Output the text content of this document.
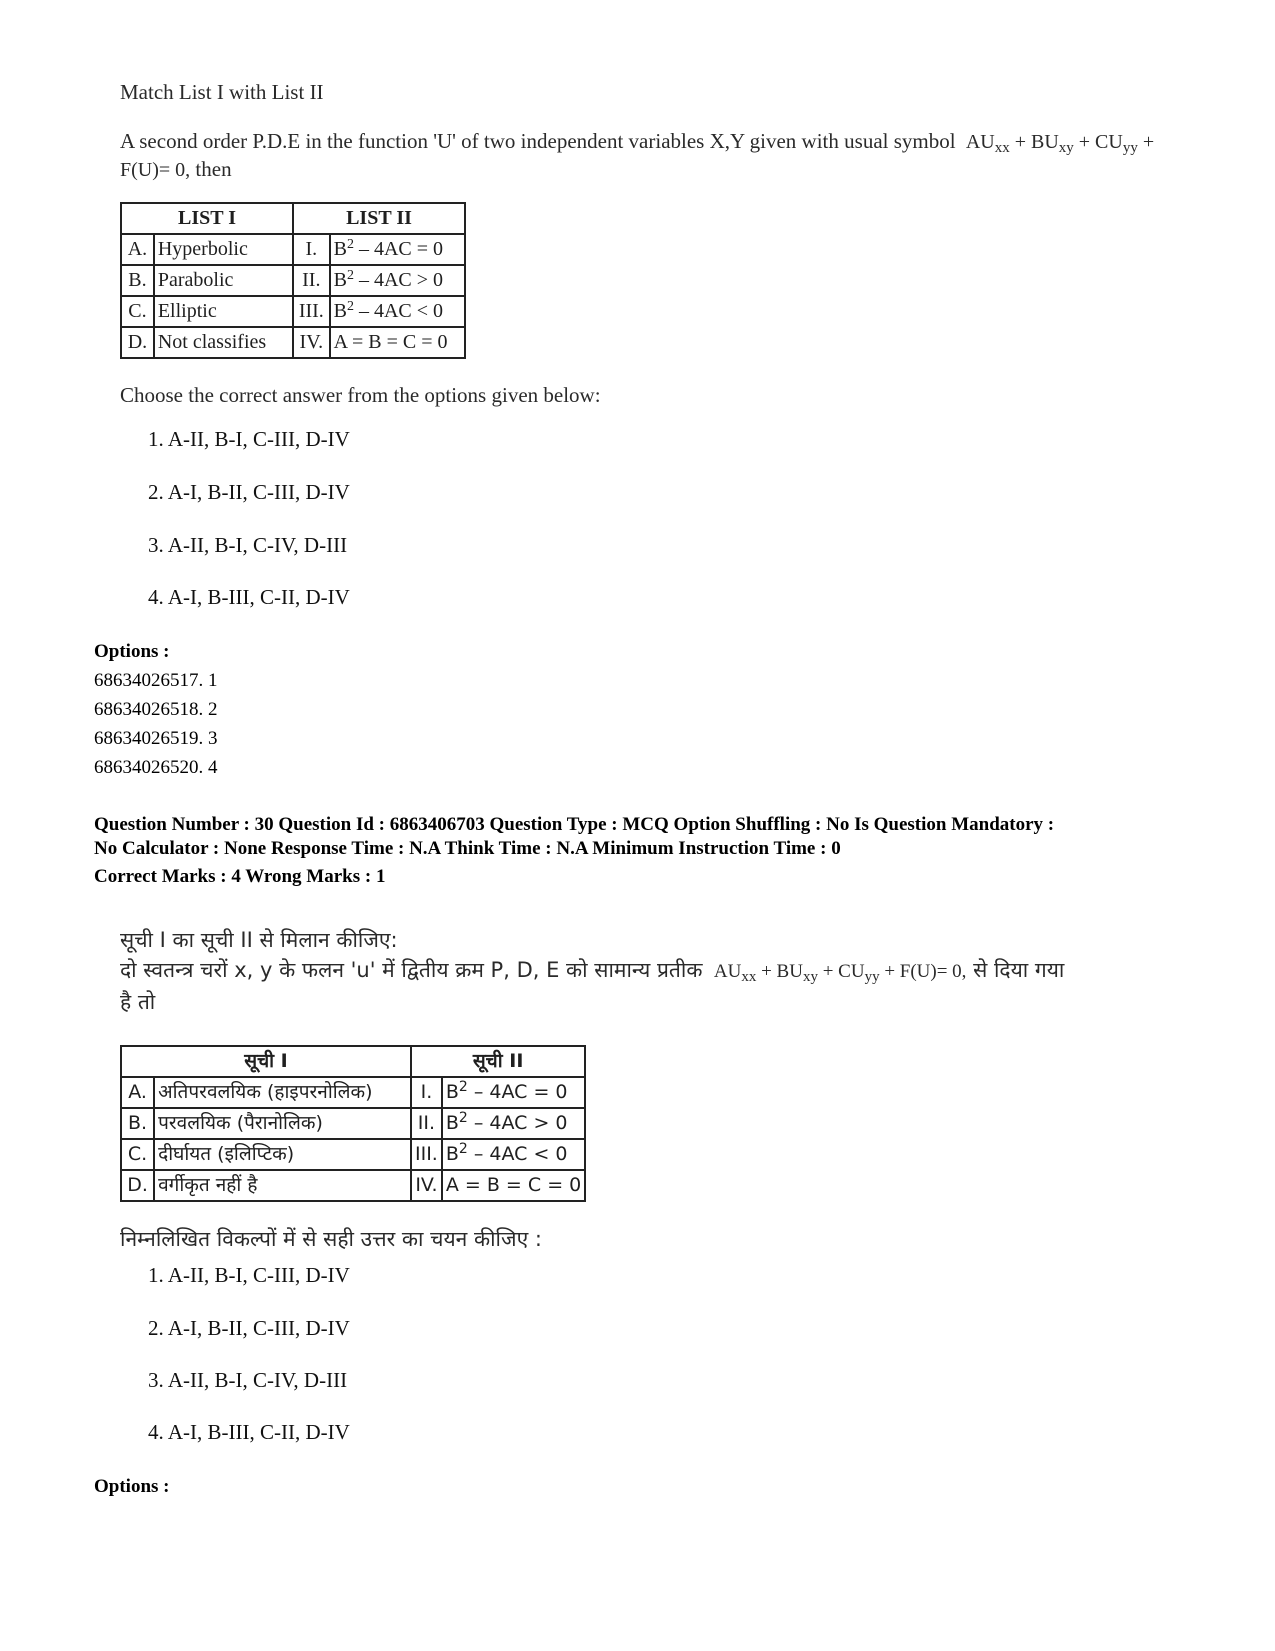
Match List I with List II

A second order P.D.E in the function 'U' of two independent variables X,Y given with usual symbol $AU_{xx} + BU_{xy} + CU_{yy} + F(U)= 0$, then

LIST I		LIST II	
A.	Hyperbolic	I.	$B^2 - 4AC = 0$
B.	Parabolic	II.	$B^2 - 4AC > 0$
C.	Elliptic	III.	$B^2 - 4AC < 0$
D.	Not classifies	IV.	A = B = C = 0

Choose the correct answer from the options given below:

1. A-II, B-I, C-III, D-IV

2. A-I, B-II, C-III, D-IV

3. A-II, B-I, C-IV, D-III

4. A-I, B-III, C-II, D-IV

Options :
68634026517. 1
68634026518. 2
68634026519. 3
68634026520. 4
Question Number : 30 Question Id : 6863406703 Question Type : MCQ Option Shuffling : No Is Question Mandatory :
No Calculator : None Response Time : N.A Think Time : N.A Minimum Instruction Time : 0
Correct Marks : 4 Wrong Marks : 1

सूची I का सूची II से मिलान कीजिए:

दो स्वतन्त्र चरों x, y के फलन 'u' में द्वितीय क्रम P, D, E को सामान्य प्रतीक $AU_{xx} + BU_{xy} + CU_{yy} + F(U)= 0$, से दिया गया
है तो

सूची I		सूची II	
A.	अतिपरवलयिक (हाइपरनोलिक)	I.	$B^2 - 4AC = 0$
B.	परवलयिक (पैरानोलिक)	II.	$B^2 - 4AC > 0$
C.	दीर्घायत (इलिप्टिक)	III.	$B^2 - 4AC < 0$
D.	वर्गीकृत नहीं है	IV.	A = B = C = 0

निम्नलिखित विकल्पों में से सही उत्तर का चयन कीजिए :

1. A-II, B-I, C-III, D-IV

2. A-I, B-II, C-III, D-IV

3. A-II, B-I, C-IV, D-III

4. A-I, B-III, C-II, D-IV

Options :
